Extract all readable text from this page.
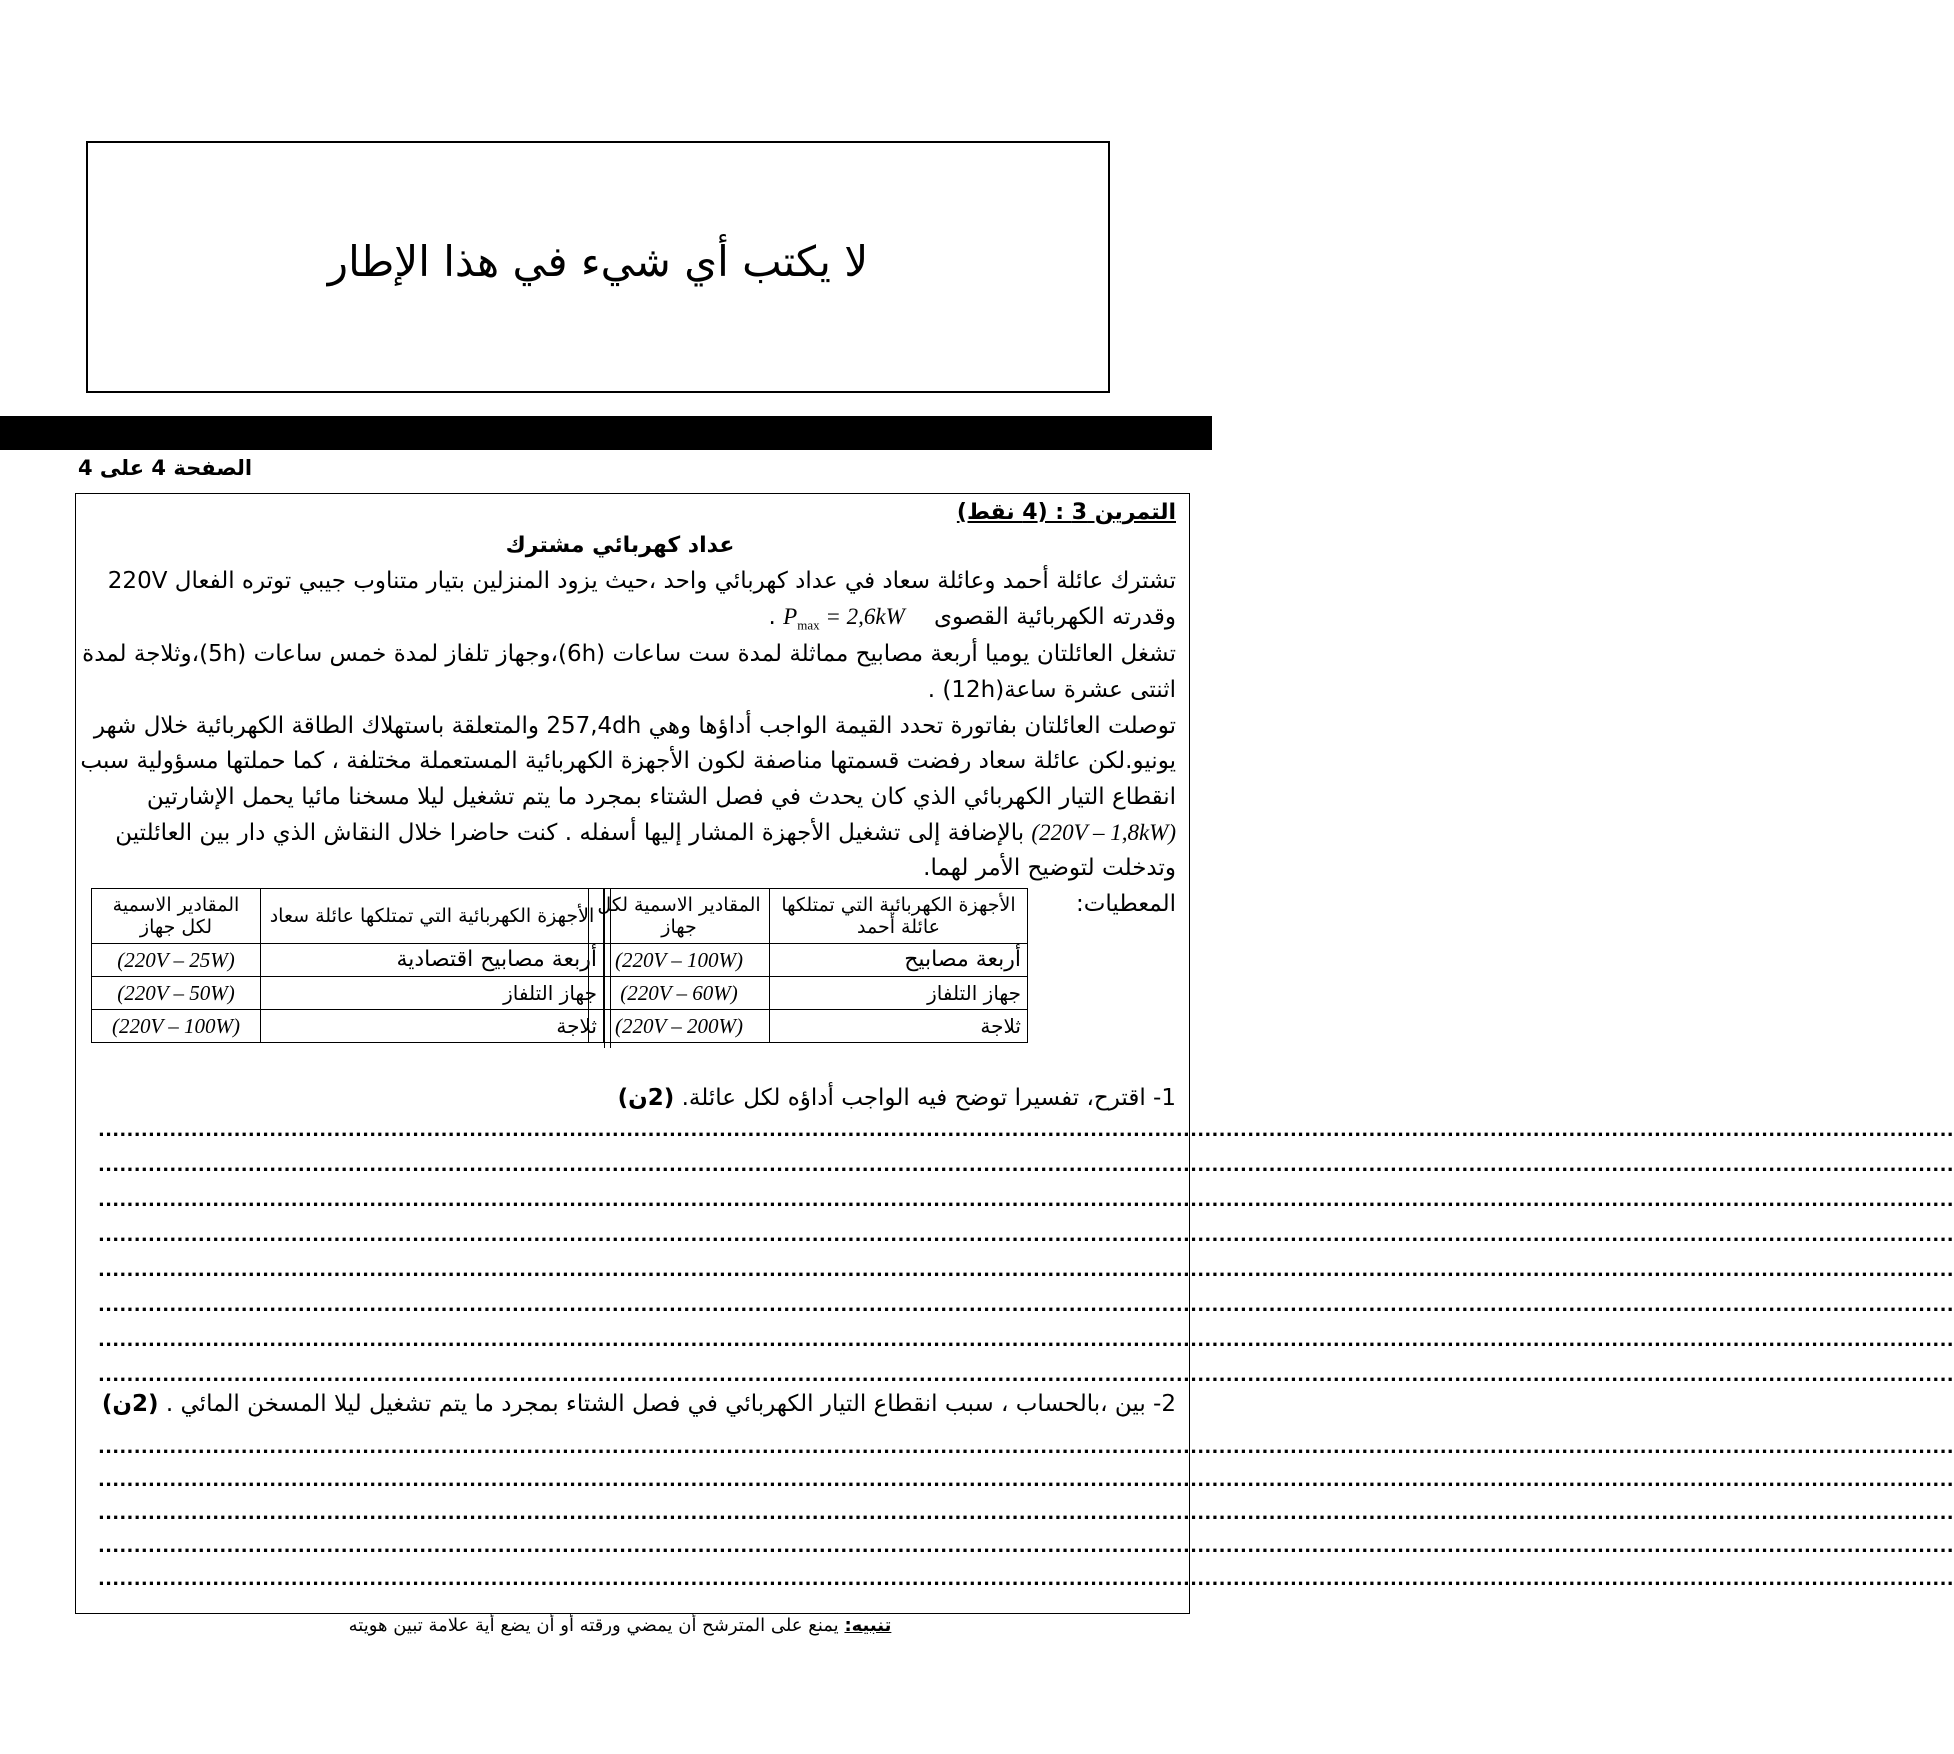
لا يكتب أي شيء في هذا الإطار
الصفحة 4 على 4
التمرين 3 : (4 نقط)
عداد كهربائي مشترك
تشترك عائلة أحمد وعائلة سعاد في عداد كهربائي واحد ،حيث يزود المنزلين بتيار متناوب جيبي توتره الفعال 220V
وقدرته الكهربائية القصوى    $P_{max} = 2,6kW$ .
تشغل العائلتان يوميا أربعة مصابيح مماثلة لمدة ست ساعات (6h)،وجهاز تلفاز لمدة خمس ساعات (5h)،وثلاجة لمدة
اثنتى عشرة ساعة(12h) .
توصلت العائلتان بفاتورة تحدد القيمة الواجب أداؤها وهي 257,4dh والمتعلقة باستهلاك الطاقة الكهربائية خلال شهر
يونيو.لكن عائلة سعاد رفضت قسمتها مناصفة لكون الأجهزة الكهربائية المستعملة مختلفة ، كما حملتها مسؤولية سبب
انقطاع التيار الكهربائي الذي كان يحدث في فصل الشتاء بمجرد ما يتم تشغيل ليلا مسخنا مائيا يحمل الإشارتين
(220V – 1,8kW) بالإضافة إلى تشغيل الأجهزة المشار إليها أسفله . كنت حاضرا خلال النقاش الذي دار بين العائلتين
وتدخلت لتوضيح الأمر لهما.
المعطيات:
الأجهزة الكهربائية التي تمتلكها عائلة أحمد	المقادير الاسمية لكل جهاز
أربعة مصابيح	(220V – 100W)
جهاز التلفاز	(220V – 60W)
ثلاجة	(220V – 200W)
الأجهزة الكهربائية التي تمتلكها عائلة سعاد	المقادير الاسمية لكل جهاز
أربعة مصابيح اقتصادية	(220V – 25W)
جهاز التلفاز	(220V – 50W)
ثلاجة	(220V – 100W)
1- اقترح، تفسيرا توضح فيه الواجب أداؤه لكل عائلة. (2ن)
....................................................................................................................................................................................................................................................................
....................................................................................................................................................................................................................................................................
....................................................................................................................................................................................................................................................................
....................................................................................................................................................................................................................................................................
....................................................................................................................................................................................................................................................................
....................................................................................................................................................................................................................................................................
....................................................................................................................................................................................................................................................................
....................................................................................................................................................................................................................................................................
2- بين ،بالحساب ، سبب انقطاع التيار الكهربائي في فصل الشتاء بمجرد ما يتم تشغيل ليلا المسخن المائي . (2ن)
....................................................................................................................................................................................................................................................................
....................................................................................................................................................................................................................................................................
....................................................................................................................................................................................................................................................................
....................................................................................................................................................................................................................................................................
....................................................................................................................................................................................................................................................................
تنبيه: يمنع على المترشح أن يمضي ورقته أو أن يضع أية علامة تبين هويته
